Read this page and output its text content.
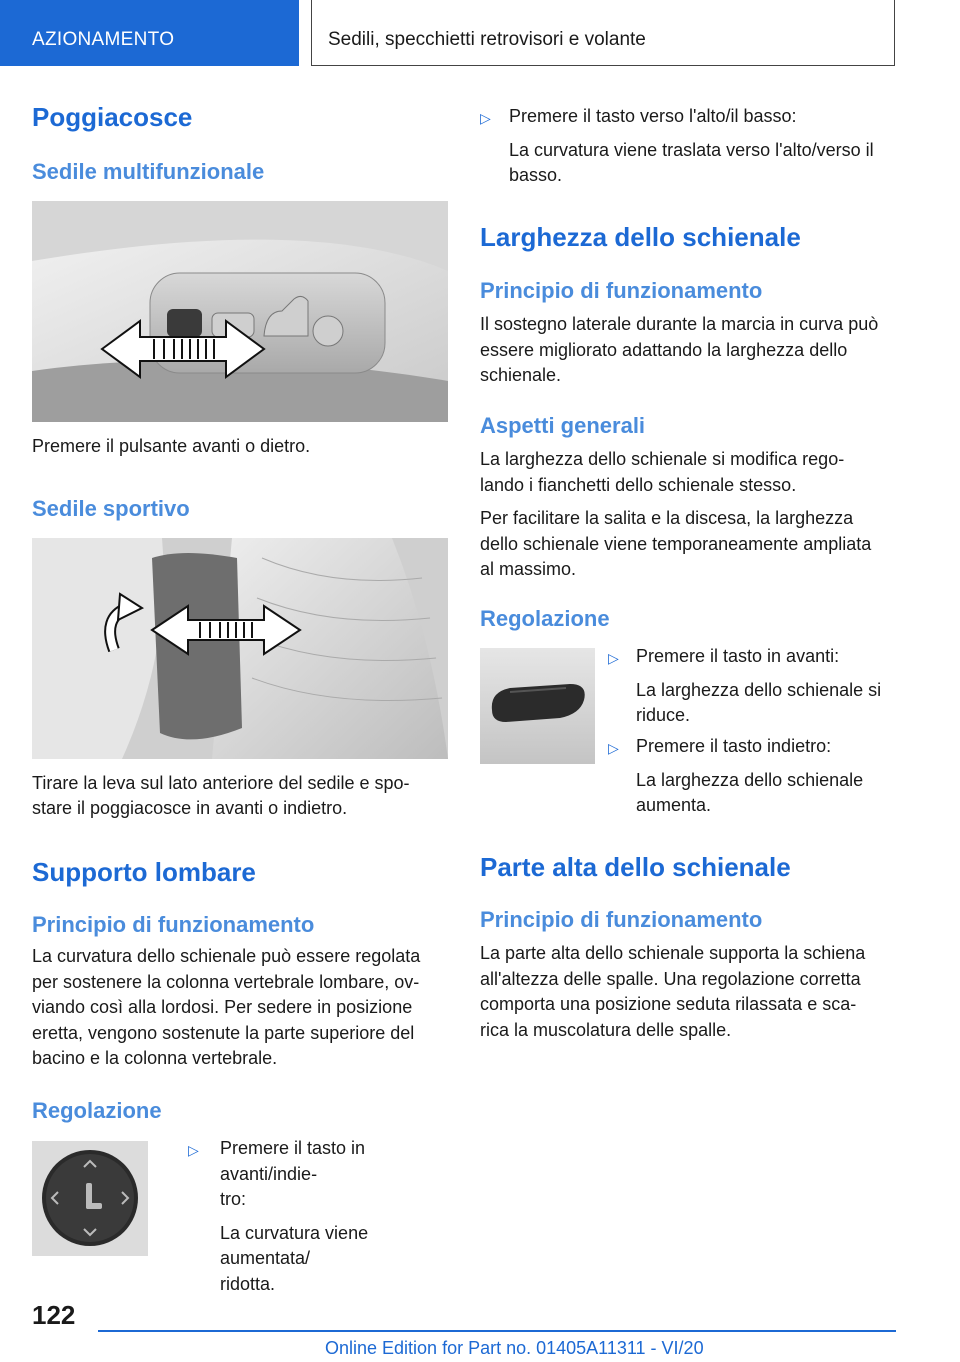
AZIONAMENTO	Sedili, specchietti retrovisori e volante
Poggiacosce
Sedile multifunzionale

Premere il pulsante avanti o dietro.

Sedile sportivo

Tirare la leva sul lato anteriore del sedile e spo-

stare il poggiacosce in avanti o indietro.

Supporto lombare
Principio di funzionamento
La curvatura dello schienale può essere regolata
per sostenere la colonna vertebrale lombare, ov-
viando così alla lordosi. Per sedere in posizione
eretta, vengono sostenute la parte superiore del
bacino e la colonna vertebrale.
Regolazione
▷ Premere il tasto in avanti/indie-
tro:
La curvatura viene aumentata/
ridotta.
▷ Premere il tasto verso l'alto/il basso:
La curvatura viene traslata verso l'alto/verso il
basso.
Larghezza dello schienale
Principio di funzionamento
Il sostegno laterale durante la marcia in curva può
essere migliorato adattando la larghezza dello
schienale.
Aspetti generali
La larghezza dello schienale si modifica rego-
lando i fianchetti dello schienale stesso.
Per facilitare la salita e la discesa, la larghezza
dello schienale viene temporaneamente ampliata
al massimo.
Regolazione
▷ Premere il tasto in avanti:
La larghezza dello schienale si
riduce.
▷ Premere il tasto indietro:
La larghezza dello schienale
aumenta.
Parte alta dello schienale
Principio di funzionamento
La parte alta dello schienale supporta la schiena
all'altezza delle spalle. Una regolazione corretta
comporta una posizione seduta rilassata e sca-
rica la muscolatura delle spalle.
122
Online Edition for Part no. 01405A11311 - VI/20
